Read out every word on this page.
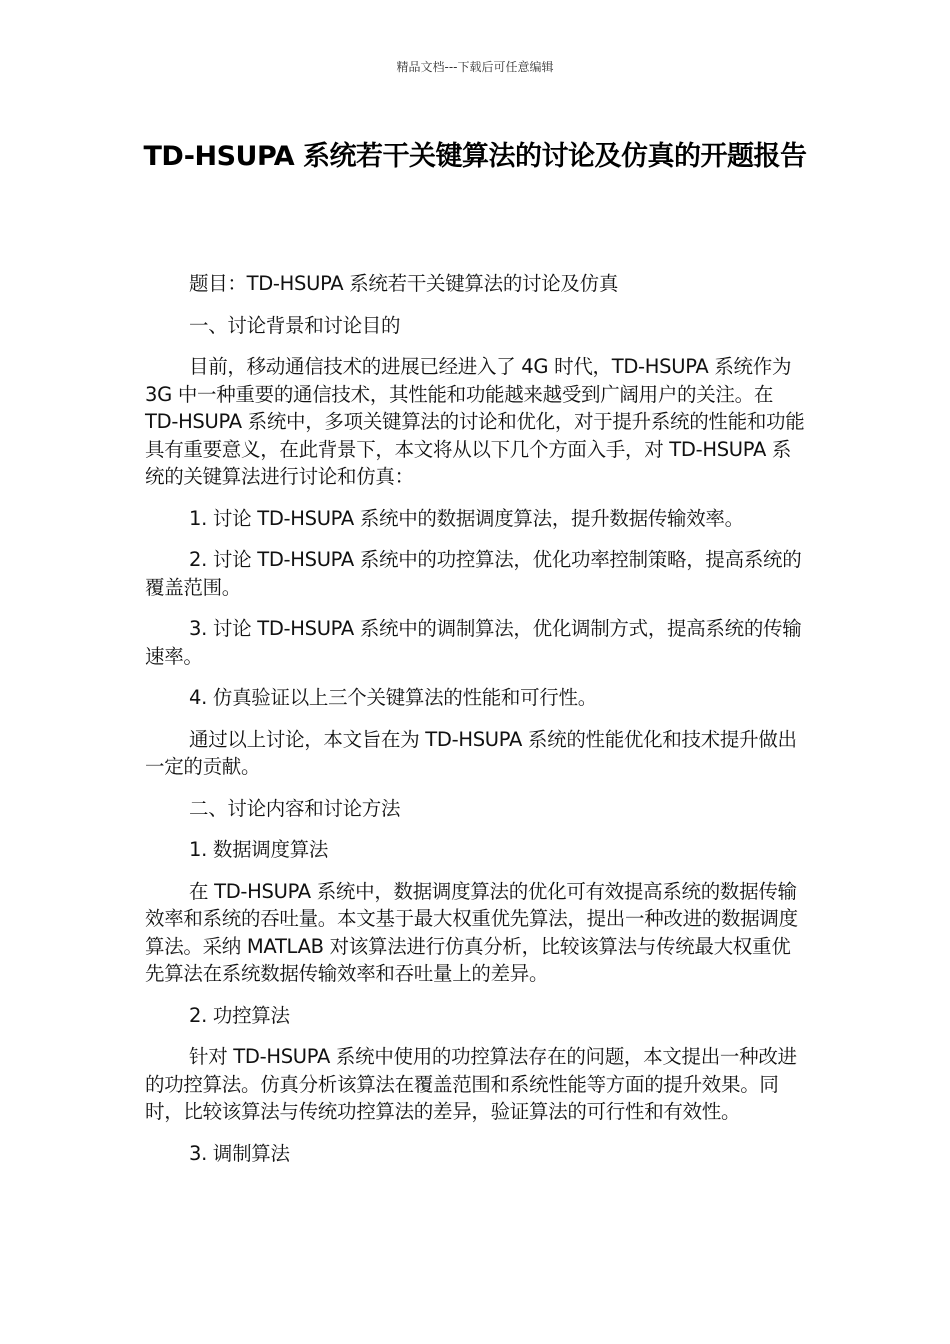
精品文档---下载后可任意编辑
TD-HSUPA 系统若干关键算法的讨论及仿真的开题报告

题目：TD-HSUPA 系统若干关键算法的讨论及仿真

一、讨论背景和讨论目的

目前，移动通信技术的进展已经进入了 4G 时代，TD-HSUPA 系统作为 3G 中一种重要的通信技术，其性能和功能越来越受到广阔用户的关注。在 TD-HSUPA 系统中，多项关键算法的讨论和优化，对于提升系统的性能和功能具有重要意义，在此背景下，本文将从以下几个方面入手，对 TD-HSUPA 系统的关键算法进行讨论和仿真：

1. 讨论 TD-HSUPA 系统中的数据调度算法，提升数据传输效率。

2. 讨论 TD-HSUPA 系统中的功控算法，优化功率控制策略，提高系统的覆盖范围。

3. 讨论 TD-HSUPA 系统中的调制算法，优化调制方式，提高系统的传输速率。

4. 仿真验证以上三个关键算法的性能和可行性。

通过以上讨论，本文旨在为 TD-HSUPA 系统的性能优化和技术提升做出一定的贡献。

二、讨论内容和讨论方法

1. 数据调度算法

在 TD-HSUPA 系统中，数据调度算法的优化可有效提高系统的数据传输效率和系统的吞吐量。本文基于最大权重优先算法，提出一种改进的数据调度算法。采纳 MATLAB 对该算法进行仿真分析，比较该算法与传统最大权重优先算法在系统数据传输效率和吞吐量上的差异。

2. 功控算法

针对 TD-HSUPA 系统中使用的功控算法存在的问题，本文提出一种改进的功控算法。仿真分析该算法在覆盖范围和系统性能等方面的提升效果。同时，比较该算法与传统功控算法的差异，验证算法的可行性和有效性。

3. 调制算法
